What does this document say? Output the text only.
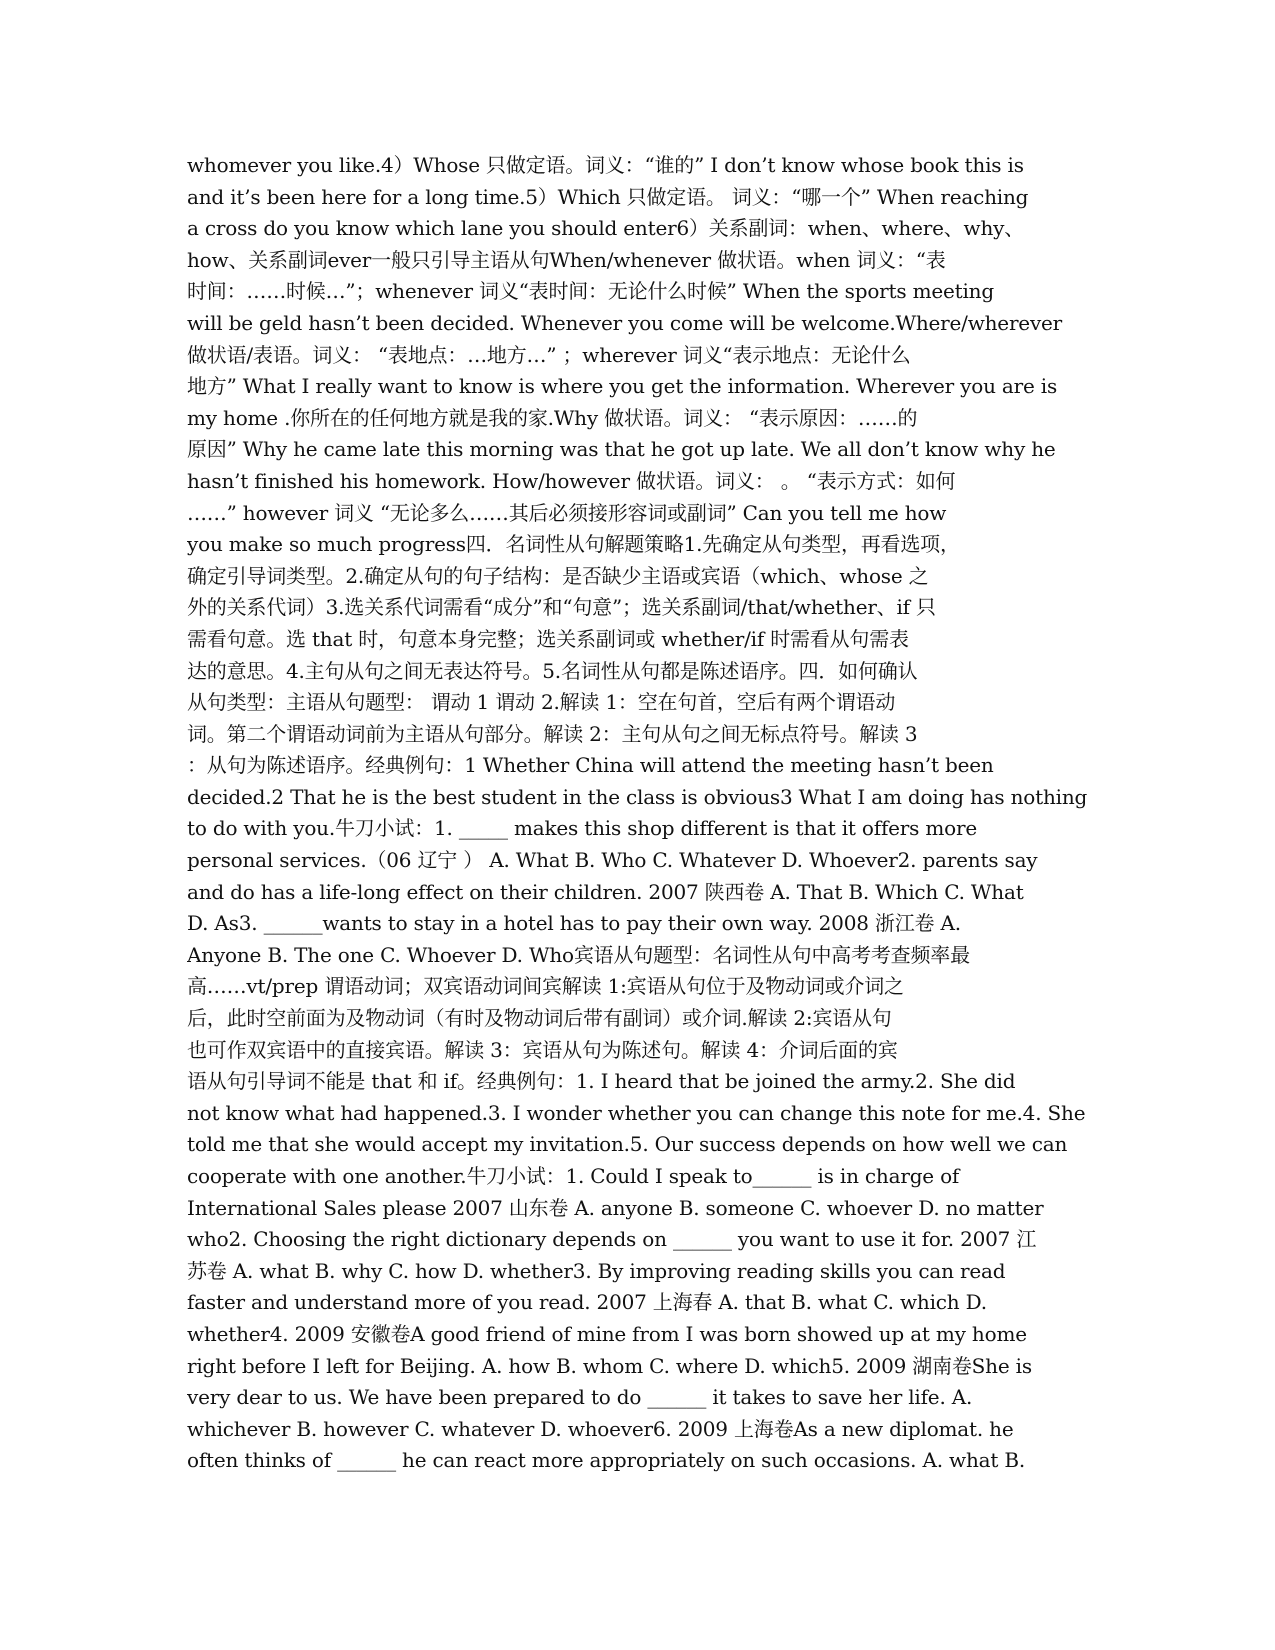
whomever you like.4）Whose 只做定语。词义：“谁的” I don’t know whose book this is
and it’s been here for a long time.5）Which 只做定语。 词义：“哪一个” When reaching
a cross do you know which lane you should enter6）关系副词：when、where、why、
how、关系副词ever一般只引导主语从句When/whenever 做状语。when 词义：“表
时间：……时候…”；whenever 词义“表时间：无论什么时候” When the sports meeting
will be geld hasn’t been decided. Whenever you come will be welcome.Where/wherever
做状语/表语。词义： “表地点：…地方…” ；wherever 词义“表示地点：无论什么
地方” What I really want to know is where you get the information. Wherever you are is
my home .你所在的任何地方就是我的家.Why 做状语。词义： “表示原因：……的
原因” Why he came late this morning was that he got up late. We all don’t know why he
hasn’t finished his homework. How/however 做状语。词义： 。 “表示方式：如何
……” however 词义 “无论多么……其后必须接形容词或副词” Can you tell me how
you make so much progress四．名词性从句解题策略1.先确定从句类型，再看选项，
确定引导词类型。2.确定从句的句子结构：是否缺少主语或宾语（which、whose 之
外的关系代词）3.选关系代词需看“成分”和“句意”；选关系副词/that/whether、if 只
需看句意。选 that 时，句意本身完整；选关系副词或 whether/if 时需看从句需表
达的意思。4.主句从句之间无表达符号。5.名词性从句都是陈述语序。四．如何确认
从句类型：主语从句题型： 谓动 1 谓动 2.解读 1：空在句首，空后有两个谓语动
词。第二个谓语动词前为主语从句部分。解读 2：主句从句之间无标点符号。解读 3
：从句为陈述语序。经典例句：1 Whether China will attend the meeting hasn’t been
decided.2 That he is the best student in the class is obvious3 What I am doing has nothing
to do with you.牛刀小试：1. _____ makes this shop different is that it offers more
personal services.（06 辽宁 ） A. What B. Who C. Whatever D. Whoever2. parents say
and do has a life-long effect on their children. 2007 陕西卷 A. That B. Which C. What
D. As3. ______wants to stay in a hotel has to pay their own way. 2008 浙江卷 A.
Anyone B. The one C. Whoever D. Who宾语从句题型：名词性从句中高考考查频率最
高……vt/prep 谓语动词；双宾语动词间宾解读 1:宾语从句位于及物动词或介词之
后，此时空前面为及物动词（有时及物动词后带有副词）或介词.解读 2:宾语从句
也可作双宾语中的直接宾语。解读 3：宾语从句为陈述句。解读 4：介词后面的宾
语从句引导词不能是 that 和 if。经典例句：1. I heard that be joined the army.2. She did
not know what had happened.3. I wonder whether you can change this note for me.4. She
told me that she would accept my invitation.5. Our success depends on how well we can
cooperate with one another.牛刀小试：1. Could I speak to______ is in charge of
International Sales please 2007 山东卷 A. anyone B. someone C. whoever D. no matter
who2. Choosing the right dictionary depends on ______ you want to use it for. 2007 江
苏卷 A. what B. why C. how D. whether3. By improving reading skills you can read
faster and understand more of you read. 2007 上海春 A. that B. what C. which D.
whether4. 2009 安徽卷A good friend of mine from I was born showed up at my home
right before I left for Beijing. A. how B. whom C. where D. which5. 2009 湖南卷She is
very dear to us. We have been prepared to do ______ it takes to save her life. A.
whichever B. however C. whatever D. whoever6. 2009 上海卷As a new diplomat. he
often thinks of ______ he can react more appropriately on such occasions. A. what B.
